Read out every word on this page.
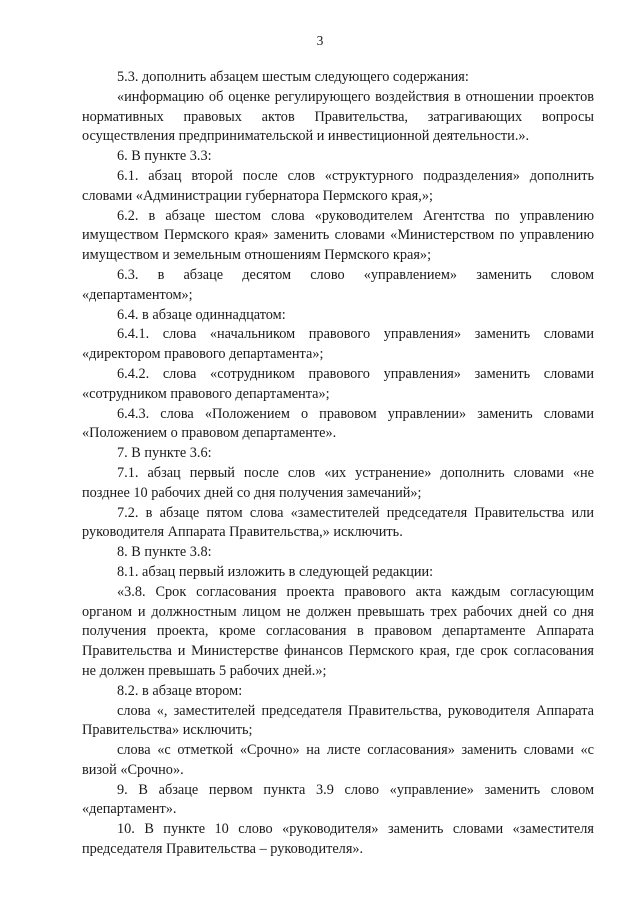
3

5.3. дополнить абзацем шестым следующего содержания:

«информацию об оценке регулирующего воздействия в отношении проектов нормативных правовых актов Правительства, затрагивающих вопросы осуществления предпринимательской и инвестиционной деятельности.».

6. В пункте 3.3:

6.1. абзац второй после слов «структурного подразделения» дополнить словами «Администрации губернатора Пермского края,»;

6.2. в абзаце шестом слова «руководителем Агентства по управлению имуществом Пермского края» заменить словами «Министерством по управлению имуществом и земельным отношениям Пермского края»;

6.3. в абзаце десятом слово «управлением» заменить словом «департаментом»;

6.4. в абзаце одиннадцатом:

6.4.1. слова «начальником правового управления» заменить словами «директором правового департамента»;

6.4.2. слова «сотрудником правового управления» заменить словами «сотрудником правового департамента»;

6.4.3. слова «Положением о правовом управлении» заменить словами «Положением о правовом департаменте».

7. В пункте 3.6:

7.1. абзац первый после слов «их устранение» дополнить словами «не позднее 10 рабочих дней со дня получения замечаний»;

7.2. в абзаце пятом слова «заместителей председателя Правительства или руководителя Аппарата Правительства,» исключить.

8. В пункте 3.8:

8.1. абзац первый изложить в следующей редакции:

«3.8. Срок согласования проекта правового акта каждым согласующим органом и должностным лицом не должен превышать трех рабочих дней со дня получения проекта, кроме согласования в правовом департаменте Аппарата Правительства и Министерстве финансов Пермского края, где срок согласования не должен превышать 5 рабочих дней.»;

8.2. в абзаце втором:

слова «, заместителей председателя Правительства, руководителя Аппарата Правительства» исключить;

слова «с отметкой «Срочно» на листе согласования» заменить словами «с визой «Срочно».

9. В абзаце первом пункта 3.9 слово «управление» заменить словом «департамент».

10. В пункте 10 слово «руководителя» заменить словами «заместителя председателя Правительства – руководителя».
